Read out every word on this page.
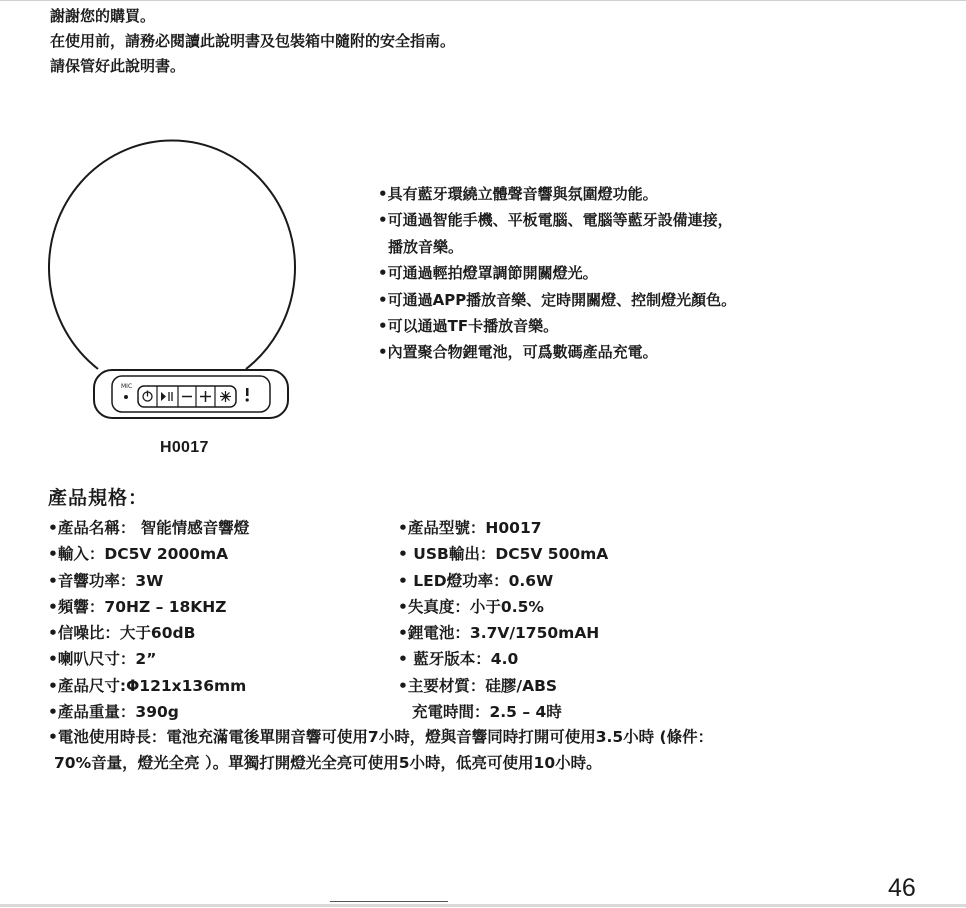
謝謝您的購買。
在使用前，請務必閱讀此說明書及包裝箱中隨附的安全指南。
請保管好此說明書。
MIC
H0017
•具有藍牙環繞立體聲音響與氛圍燈功能。
•可通過智能手機、平板電腦、電腦等藍牙設備連接，
播放音樂。
•可通過輕拍燈罩調節開關燈光。
•可通過APP播放音樂、定時開關燈、控制燈光顏色。
•可以通過TF卡播放音樂。
•內置聚合物鋰電池，可爲數碼產品充電。
產品規格：
•產品名稱： 智能情感音響燈
•輸入：DC5V 2000mA
•音響功率：3W
•頻響：70HZ – 18KHZ
•信噪比：大于60dB
•喇叭尺寸：2”
•產品尺寸:Φ121x136mm
•產品重量：390g
•產品型號：H0017
• USB輸出：DC5V 500mA
• LED燈功率：0.6W
•失真度：小于0.5%
•鋰電池：3.7V/1750mAH
• 藍牙版本：4.0
•主要材質：硅膠/ABS
充電時間：2.5 – 4時
•電池使用時長：電池充滿電後單開音響可使用7小時，燈與音響同時打開可使用3.5小時 (條件：
70%音量，燈光全亮 ）。單獨打開燈光全亮可使用5小時，低亮可使用10小時。
46
